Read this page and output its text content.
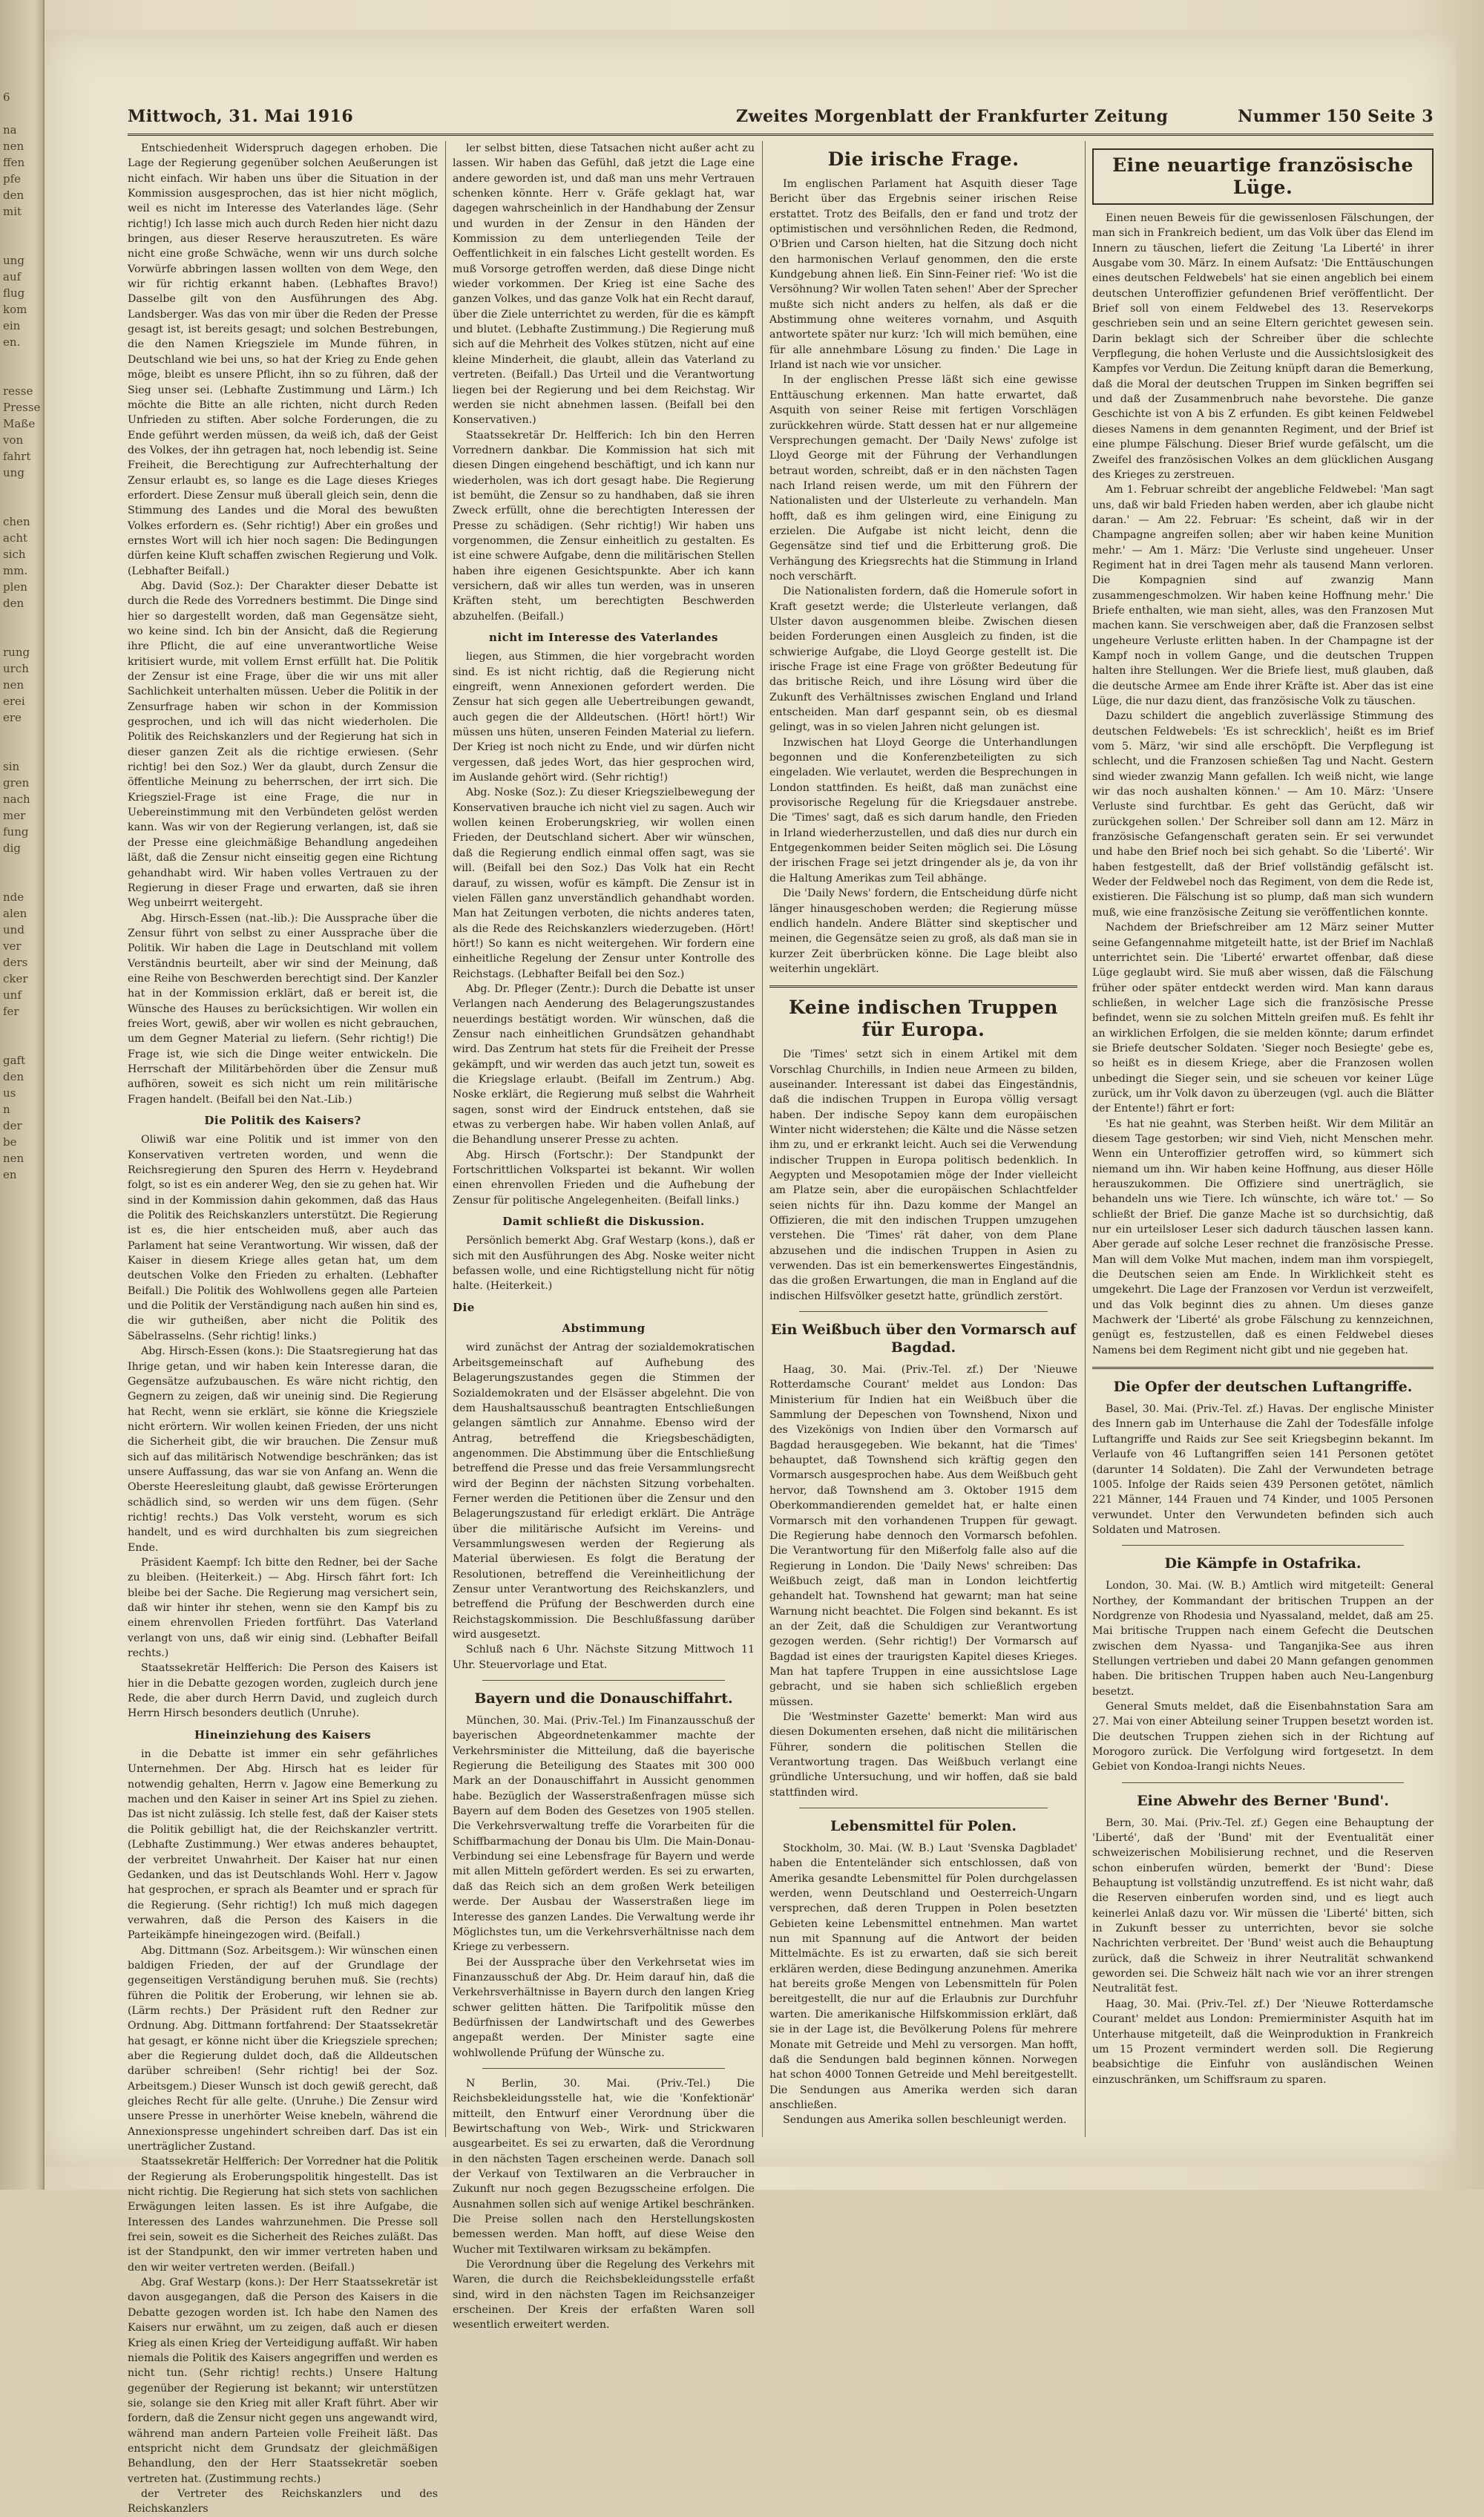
6

na
nen
ffen
pfe
den
mit

ung
auf
flug
kom
ein
en.

resse
Presse
Maße
von
fahrt
ung

chen
acht
sich
mm.
plen
den

rung
urch
nen
erei
ere

sin
gren
nach
mer
fung
dig

nde
alen
und
ver
ders
cker
unf
fer

gaft
den
us
n
der
be
nen
en
Mittwoch, 31. Mai 1916	Zweites Morgenblatt der Frankfurter Zeitung	Nummer 150 Seite 3

Entschiedenheit Widerspruch dagegen erhoben. Die Lage der Regierung gegenüber solchen Aeußerungen ist nicht einfach. Wir haben uns über die Situation in der Kommission ausgesprochen, das ist hier nicht möglich, weil es nicht im Interesse des Vaterlandes läge. (Sehr richtig!) Ich lasse mich auch durch Reden hier nicht dazu bringen, aus dieser Reserve herauszutreten. Es wäre nicht eine große Schwäche, wenn wir uns durch solche Vorwürfe abbringen lassen wollten von dem Wege, den wir für richtig erkannt haben. (Lebhaftes Bravo!) Dasselbe gilt von den Ausführungen des Abg. Landsberger. Was das von mir über die Reden der Presse gesagt ist, ist bereits gesagt; und solchen Bestrebungen, die den Namen Kriegsziele im Munde führen, in Deutschland wie bei uns, so hat der Krieg zu Ende gehen möge, bleibt es unsere Pflicht, ihn so zu führen, daß der Sieg unser sei. (Lebhafte Zustimmung und Lärm.) Ich möchte die Bitte an alle richten, nicht durch Reden Unfrieden zu stiften. Aber solche Forderungen, die zu Ende geführt werden müssen, da weiß ich, daß der Geist des Volkes, der ihn getragen hat, noch lebendig ist. Seine Freiheit, die Berechtigung zur Aufrechterhaltung der Zensur erlaubt es, so lange es die Lage dieses Krieges erfordert. Diese Zensur muß überall gleich sein, denn die Stimmung des Landes und die Moral des bewußten Volkes erfordern es. (Sehr richtig!) Aber ein großes und ernstes Wort will ich hier noch sagen: Die Bedingungen dürfen keine Kluft schaffen zwischen Regierung und Volk. (Lebhafter Beifall.)

Abg. David (Soz.): Der Charakter dieser Debatte ist durch die Rede des Vorredners bestimmt. Die Dinge sind hier so dargestellt worden, daß man Gegensätze sieht, wo keine sind. Ich bin der Ansicht, daß die Regierung ihre Pflicht, die auf eine unverantwortliche Weise kritisiert wurde, mit vollem Ernst erfüllt hat. Die Politik der Zensur ist eine Frage, über die wir uns mit aller Sachlichkeit unterhalten müssen. Ueber die Politik in der Zensurfrage haben wir schon in der Kommission gesprochen, und ich will das nicht wiederholen. Die Politik des Reichskanzlers und der Regierung hat sich in dieser ganzen Zeit als die richtige erwiesen. (Sehr richtig! bei den Soz.) Wer da glaubt, durch Zensur die öffentliche Meinung zu beherrschen, der irrt sich. Die Kriegsziel-Frage ist eine Frage, die nur in Uebereinstimmung mit den Verbündeten gelöst werden kann. Was wir von der Regierung verlangen, ist, daß sie der Presse eine gleichmäßige Behandlung angedeihen läßt, daß die Zensur nicht einseitig gegen eine Richtung gehandhabt wird. Wir haben volles Vertrauen zu der Regierung in dieser Frage und erwarten, daß sie ihren Weg unbeirrt weitergeht.

Abg. Hirsch-Essen (nat.-lib.): Die Aussprache über die Zensur führt von selbst zu einer Aussprache über die Politik. Wir haben die Lage in Deutschland mit vollem Verständnis beurteilt, aber wir sind der Meinung, daß eine Reihe von Beschwerden berechtigt sind. Der Kanzler hat in der Kommission erklärt, daß er bereit ist, die Wünsche des Hauses zu berücksichtigen. Wir wollen ein freies Wort, gewiß, aber wir wollen es nicht gebrauchen, um dem Gegner Material zu liefern. (Sehr richtig!) Die Frage ist, wie sich die Dinge weiter entwickeln. Die Herrschaft der Militärbehörden über die Zensur muß aufhören, soweit es sich nicht um rein militärische Fragen handelt. (Beifall bei den Nat.-Lib.)

Die Politik des Kaisers?

Oliwiß war eine Politik und ist immer von den Konservativen vertreten worden, und wenn die Reichsregierung den Spuren des Herrn v. Heydebrand folgt, so ist es ein anderer Weg, den sie zu gehen hat. Wir sind in der Kommission dahin gekommen, daß das Haus die Politik des Reichskanzlers unterstützt. Die Regierung ist es, die hier entscheiden muß, aber auch das Parlament hat seine Verantwortung. Wir wissen, daß der Kaiser in diesem Kriege alles getan hat, um dem deutschen Volke den Frieden zu erhalten. (Lebhafter Beifall.) Die Politik des Wohlwollens gegen alle Parteien und die Politik der Verständigung nach außen hin sind es, die wir gutheißen, aber nicht die Politik des Säbelrasselns. (Sehr richtig! links.)

Abg. Hirsch-Essen (kons.): Die Staatsregierung hat das Ihrige getan, und wir haben kein Interesse daran, die Gegensätze aufzubauschen. Es wäre nicht richtig, den Gegnern zu zeigen, daß wir uneinig sind. Die Regierung hat Recht, wenn sie erklärt, sie könne die Kriegsziele nicht erörtern. Wir wollen keinen Frieden, der uns nicht die Sicherheit gibt, die wir brauchen. Die Zensur muß sich auf das militärisch Notwendige beschränken; das ist unsere Auffassung, das war sie von Anfang an. Wenn die Oberste Heeresleitung glaubt, daß gewisse Erörterungen schädlich sind, so werden wir uns dem fügen. (Sehr richtig! rechts.) Das Volk versteht, worum es sich handelt, und es wird durchhalten bis zum siegreichen Ende.

Präsident Kaempf: Ich bitte den Redner, bei der Sache zu bleiben. (Heiterkeit.) — Abg. Hirsch fährt fort: Ich bleibe bei der Sache. Die Regierung mag versichert sein, daß wir hinter ihr stehen, wenn sie den Kampf bis zu einem ehrenvollen Frieden fortführt. Das Vaterland verlangt von uns, daß wir einig sind. (Lebhafter Beifall rechts.)

Staatssekretär Helfferich: Die Person des Kaisers ist hier in die Debatte gezogen worden, zugleich durch jene Rede, die aber durch Herrn David, und zugleich durch Herrn Hirsch besonders deutlich (Unruhe).

Hineinziehung des Kaisers

in die Debatte ist immer ein sehr gefährliches Unternehmen. Der Abg. Hirsch hat es leider für notwendig gehalten, Herrn v. Jagow eine Bemerkung zu machen und den Kaiser in seiner Art ins Spiel zu ziehen. Das ist nicht zulässig. Ich stelle fest, daß der Kaiser stets die Politik gebilligt hat, die der Reichskanzler vertritt. (Lebhafte Zustimmung.) Wer etwas anderes behauptet, der verbreitet Unwahrheit. Der Kaiser hat nur einen Gedanken, und das ist Deutschlands Wohl. Herr v. Jagow hat gesprochen, er sprach als Beamter und er sprach für die Regierung. (Sehr richtig!) Ich muß mich dagegen verwahren, daß die Person des Kaisers in die Parteikämpfe hineingezogen wird. (Beifall.)

Abg. Dittmann (Soz. Arbeitsgem.): Wir wünschen einen baldigen Frieden, der auf der Grundlage der gegenseitigen Verständigung beruhen muß. Sie (rechts) führen die Politik der Eroberung, wir lehnen sie ab. (Lärm rechts.) Der Präsident ruft den Redner zur Ordnung. Abg. Dittmann fortfahrend: Der Staatssekretär hat gesagt, er könne nicht über die Kriegsziele sprechen; aber die Regierung duldet doch, daß die Alldeutschen darüber schreiben! (Sehr richtig! bei der Soz. Arbeitsgem.) Dieser Wunsch ist doch gewiß gerecht, daß gleiches Recht für alle gelte. (Unruhe.) Die Zensur wird unsere Presse in unerhörter Weise knebeln, während die Annexionspresse ungehindert schreiben darf. Das ist ein unerträglicher Zustand.

Staatssekretär Helfferich: Der Vorredner hat die Politik der Regierung als Eroberungspolitik hingestellt. Das ist nicht richtig. Die Regierung hat sich stets von sachlichen Erwägungen leiten lassen. Es ist ihre Aufgabe, die Interessen des Landes wahrzunehmen. Die Presse soll frei sein, soweit es die Sicherheit des Reiches zuläßt. Das ist der Standpunkt, den wir immer vertreten haben und den wir weiter vertreten werden. (Beifall.)

Abg. Graf Westarp (kons.): Der Herr Staatssekretär ist davon ausgegangen, daß die Person des Kaisers in die Debatte gezogen worden ist. Ich habe den Namen des Kaisers nur erwähnt, um zu zeigen, daß auch er diesen Krieg als einen Krieg der Verteidigung auffaßt. Wir haben niemals die Politik des Kaisers angegriffen und werden es nicht tun. (Sehr richtig! rechts.) Unsere Haltung gegenüber der Regierung ist bekannt; wir unterstützen sie, solange sie den Krieg mit aller Kraft führt. Aber wir fordern, daß die Zensur nicht gegen uns angewandt wird, während man andern Parteien volle Freiheit läßt. Das entspricht nicht dem Grundsatz der gleichmäßigen Behandlung, den der Herr Staatssekretär soeben vertreten hat. (Zustimmung rechts.)

der Vertreter des Reichskanzlers und des Reichskanzlers

ler selbst bitten, diese Tatsachen nicht außer acht zu lassen. Wir haben das Gefühl, daß jetzt die Lage eine andere geworden ist, und daß man uns mehr Vertrauen schenken könnte. Herr v. Gräfe geklagt hat, war dagegen wahrscheinlich in der Handhabung der Zensur und wurden in der Zensur in den Händen der Kommission zu dem unterliegenden Teile der Oeffentlichkeit in ein falsches Licht gestellt worden. Es muß Vorsorge getroffen werden, daß diese Dinge nicht wieder vorkommen. Der Krieg ist eine Sache des ganzen Volkes, und das ganze Volk hat ein Recht darauf, über die Ziele unterrichtet zu werden, für die es kämpft und blutet. (Lebhafte Zustimmung.) Die Regierung muß sich auf die Mehrheit des Volkes stützen, nicht auf eine kleine Minderheit, die glaubt, allein das Vaterland zu vertreten. (Beifall.) Das Urteil und die Verantwortung liegen bei der Regierung und bei dem Reichstag. Wir werden sie nicht abnehmen lassen. (Beifall bei den Konservativen.)

Staatssekretär Dr. Helfferich: Ich bin den Herren Vorrednern dankbar. Die Kommission hat sich mit diesen Dingen eingehend beschäftigt, und ich kann nur wiederholen, was ich dort gesagt habe. Die Regierung ist bemüht, die Zensur so zu handhaben, daß sie ihren Zweck erfüllt, ohne die berechtigten Interessen der Presse zu schädigen. (Sehr richtig!) Wir haben uns vorgenommen, die Zensur einheitlich zu gestalten. Es ist eine schwere Aufgabe, denn die militärischen Stellen haben ihre eigenen Gesichtspunkte. Aber ich kann versichern, daß wir alles tun werden, was in unseren Kräften steht, um berechtigten Beschwerden abzuhelfen. (Beifall.)

nicht im Interesse des Vaterlandes

liegen, aus Stimmen, die hier vorgebracht worden sind. Es ist nicht richtig, daß die Regierung nicht eingreift, wenn Annexionen gefordert werden. Die Zensur hat sich gegen alle Uebertreibungen gewandt, auch gegen die der Alldeutschen. (Hört! hört!) Wir müssen uns hüten, unseren Feinden Material zu liefern. Der Krieg ist noch nicht zu Ende, und wir dürfen nicht vergessen, daß jedes Wort, das hier gesprochen wird, im Auslande gehört wird. (Sehr richtig!)

Abg. Noske (Soz.): Zu dieser Kriegszielbewegung der Konservativen brauche ich nicht viel zu sagen. Auch wir wollen keinen Eroberungskrieg, wir wollen einen Frieden, der Deutschland sichert. Aber wir wünschen, daß die Regierung endlich einmal offen sagt, was sie will. (Beifall bei den Soz.) Das Volk hat ein Recht darauf, zu wissen, wofür es kämpft. Die Zensur ist in vielen Fällen ganz unverständlich gehandhabt worden. Man hat Zeitungen verboten, die nichts anderes taten, als die Rede des Reichskanzlers wiederzugeben. (Hört! hört!) So kann es nicht weitergehen. Wir fordern eine einheitliche Regelung der Zensur unter Kontrolle des Reichstags. (Lebhafter Beifall bei den Soz.)

Abg. Dr. Pfleger (Zentr.): Durch die Debatte ist unser Verlangen nach Aenderung des Belagerungszustandes neuerdings bestätigt worden. Wir wünschen, daß die Zensur nach einheitlichen Grundsätzen gehandhabt wird. Das Zentrum hat stets für die Freiheit der Presse gekämpft, und wir werden das auch jetzt tun, soweit es die Kriegslage erlaubt. (Beifall im Zentrum.) Abg. Noske erklärt, die Regierung muß selbst die Wahrheit sagen, sonst wird der Eindruck entstehen, daß sie etwas zu verbergen habe. Wir haben vollen Anlaß, auf die Behandlung unserer Presse zu achten.

Abg. Hirsch (Fortschr.): Der Standpunkt der Fortschrittlichen Volkspartei ist bekannt. Wir wollen einen ehrenvollen Frieden und die Aufhebung der Zensur für politische Angelegenheiten. (Beifall links.)

Damit schließt die Diskussion.

Persönlich bemerkt Abg. Graf Westarp (kons.), daß er sich mit den Ausführungen des Abg. Noske weiter nicht befassen wolle, und eine Richtigstellung nicht für nötig halte. (Heiterkeit.)

Die
Abstimmung

wird zunächst der Antrag der sozialdemokratischen Arbeitsgemeinschaft auf Aufhebung des Belagerungszustandes gegen die Stimmen der Sozialdemokraten und der Elsässer abgelehnt. Die von dem Haushaltsausschuß beantragten Entschließungen gelangen sämtlich zur Annahme. Ebenso wird der Antrag, betreffend die Kriegsbeschädigten, angenommen. Die Abstimmung über die Entschließung betreffend die Presse und das freie Versammlungsrecht wird der Beginn der nächsten Sitzung vorbehalten. Ferner werden die Petitionen über die Zensur und den Belagerungszustand für erledigt erklärt. Die Anträge über die militärische Aufsicht im Vereins- und Versammlungswesen werden der Regierung als Material überwiesen. Es folgt die Beratung der Resolutionen, betreffend die Vereinheitlichung der Zensur unter Verantwortung des Reichskanzlers, und betreffend die Prüfung der Beschwerden durch eine Reichstagskommission. Die Beschlußfassung darüber wird ausgesetzt.

Schluß nach 6 Uhr. Nächste Sitzung Mittwoch 11 Uhr. Steuervorlage und Etat.

Bayern und die Donauschiffahrt.

München, 30. Mai. (Priv.-Tel.) Im Finanzausschuß der bayerischen Abgeordnetenkammer machte der Verkehrsminister die Mitteilung, daß die bayerische Regierung die Beteiligung des Staates mit 300 000 Mark an der Donauschiffahrt in Aussicht genommen habe. Bezüglich der Wasserstraßenfragen müsse sich Bayern auf dem Boden des Gesetzes von 1905 stellen. Die Verkehrsverwaltung treffe die Vorarbeiten für die Schiffbarmachung der Donau bis Ulm. Die Main-Donau-Verbindung sei eine Lebensfrage für Bayern und werde mit allen Mitteln gefördert werden. Es sei zu erwarten, daß das Reich sich an dem großen Werk beteiligen werde. Der Ausbau der Wasserstraßen liege im Interesse des ganzen Landes. Die Verwaltung werde ihr Möglichstes tun, um die Verkehrsverhältnisse nach dem Kriege zu verbessern.

Bei der Aussprache über den Verkehrsetat wies im Finanzausschuß der Abg. Dr. Heim darauf hin, daß die Verkehrsverhältnisse in Bayern durch den langen Krieg schwer gelitten hätten. Die Tarifpolitik müsse den Bedürfnissen der Landwirtschaft und des Gewerbes angepaßt werden. Der Minister sagte eine wohlwollende Prüfung der Wünsche zu.

N Berlin, 30. Mai. (Priv.-Tel.) Die Reichsbekleidungsstelle hat, wie die 'Konfektionär' mitteilt, den Entwurf einer Verordnung über die Bewirtschaftung von Web-, Wirk- und Strickwaren ausgearbeitet. Es sei zu erwarten, daß die Verordnung in den nächsten Tagen erscheinen werde. Danach soll der Verkauf von Textilwaren an die Verbraucher in Zukunft nur noch gegen Bezugsscheine erfolgen. Die Ausnahmen sollen sich auf wenige Artikel beschränken. Die Preise sollen nach den Herstellungskosten bemessen werden. Man hofft, auf diese Weise den Wucher mit Textilwaren wirksam zu bekämpfen.

Die Verordnung über die Regelung des Verkehrs mit Waren, die durch die Reichsbekleidungsstelle erfaßt sind, wird in den nächsten Tagen im Reichsanzeiger erscheinen. Der Kreis der erfaßten Waren soll wesentlich erweitert werden.

Die irische Frage.

Im englischen Parlament hat Asquith dieser Tage Bericht über das Ergebnis seiner irischen Reise erstattet. Trotz des Beifalls, den er fand und trotz der optimistischen und versöhnlichen Reden, die Redmond, O'Brien und Carson hielten, hat die Sitzung doch nicht den harmonischen Verlauf genommen, den die erste Kundgebung ahnen ließ. Ein Sinn-Feiner rief: 'Wo ist die Versöhnung? Wir wollen Taten sehen!' Aber der Sprecher mußte sich nicht anders zu helfen, als daß er die Abstimmung ohne weiteres vornahm, und Asquith antwortete später nur kurz: 'Ich will mich bemühen, eine für alle annehmbare Lösung zu finden.' Die Lage in Irland ist nach wie vor unsicher.

In der englischen Presse läßt sich eine gewisse Enttäuschung erkennen. Man hatte erwartet, daß Asquith von seiner Reise mit fertigen Vorschlägen zurückkehren würde. Statt dessen hat er nur allgemeine Versprechungen gemacht. Der 'Daily News' zufolge ist Lloyd George mit der Führung der Verhandlungen betraut worden, schreibt, daß er in den nächsten Tagen nach Irland reisen werde, um mit den Führern der Nationalisten und der Ulsterleute zu verhandeln. Man hofft, daß es ihm gelingen wird, eine Einigung zu erzielen. Die Aufgabe ist nicht leicht, denn die Gegensätze sind tief und die Erbitterung groß. Die Verhängung des Kriegsrechts hat die Stimmung in Irland noch verschärft.

Die Nationalisten fordern, daß die Homerule sofort in Kraft gesetzt werde; die Ulsterleute verlangen, daß Ulster davon ausgenommen bleibe. Zwischen diesen beiden Forderungen einen Ausgleich zu finden, ist die schwierige Aufgabe, die Lloyd George gestellt ist. Die irische Frage ist eine Frage von größter Bedeutung für das britische Reich, und ihre Lösung wird über die Zukunft des Verhältnisses zwischen England und Irland entscheiden. Man darf gespannt sein, ob es diesmal gelingt, was in so vielen Jahren nicht gelungen ist.

Inzwischen hat Lloyd George die Unterhandlungen begonnen und die Konferenzbeteiligten zu sich eingeladen. Wie verlautet, werden die Besprechungen in London stattfinden. Es heißt, daß man zunächst eine provisorische Regelung für die Kriegsdauer anstrebe. Die 'Times' sagt, daß es sich darum handle, den Frieden in Irland wiederherzustellen, und daß dies nur durch ein Entgegenkommen beider Seiten möglich sei. Die Lösung der irischen Frage sei jetzt dringender als je, da von ihr die Haltung Amerikas zum Teil abhänge.

Die 'Daily News' fordern, die Entscheidung dürfe nicht länger hinausgeschoben werden; die Regierung müsse endlich handeln. Andere Blätter sind skeptischer und meinen, die Gegensätze seien zu groß, als daß man sie in kurzer Zeit überbrücken könne. Die Lage bleibt also weiterhin ungeklärt.

Keine indischen Truppen für Europa.

Die 'Times' setzt sich in einem Artikel mit dem Vorschlag Churchills, in Indien neue Armeen zu bilden, auseinander. Interessant ist dabei das Eingeständnis, daß die indischen Truppen in Europa völlig versagt haben. Der indische Sepoy kann dem europäischen Winter nicht widerstehen; die Kälte und die Nässe setzen ihm zu, und er erkrankt leicht. Auch sei die Verwendung indischer Truppen in Europa politisch bedenklich. In Aegypten und Mesopotamien möge der Inder vielleicht am Platze sein, aber die europäischen Schlachtfelder seien nichts für ihn. Dazu komme der Mangel an Offizieren, die mit den indischen Truppen umzugehen verstehen. Die 'Times' rät daher, von dem Plane abzusehen und die indischen Truppen in Asien zu verwenden. Das ist ein bemerkenswertes Eingeständnis, das die großen Erwartungen, die man in England auf die indischen Hilfsvölker gesetzt hatte, gründlich zerstört.

Ein Weißbuch über den Vormarsch auf Bagdad.

Haag, 30. Mai. (Priv.-Tel. zf.) Der 'Nieuwe Rotterdamsche Courant' meldet aus London: Das Ministerium für Indien hat ein Weißbuch über die Sammlung der Depeschen von Townshend, Nixon und des Vizekönigs von Indien über den Vormarsch auf Bagdad herausgegeben. Wie bekannt, hat die 'Times' behauptet, daß Townshend sich kräftig gegen den Vormarsch ausgesprochen habe. Aus dem Weißbuch geht hervor, daß Townshend am 3. Oktober 1915 dem Oberkommandierenden gemeldet hat, er halte einen Vormarsch mit den vorhandenen Truppen für gewagt. Die Regierung habe dennoch den Vormarsch befohlen. Die Verantwortung für den Mißerfolg falle also auf die Regierung in London. Die 'Daily News' schreiben: Das Weißbuch zeigt, daß man in London leichtfertig gehandelt hat. Townshend hat gewarnt; man hat seine Warnung nicht beachtet. Die Folgen sind bekannt. Es ist an der Zeit, daß die Schuldigen zur Verantwortung gezogen werden. (Sehr richtig!) Der Vormarsch auf Bagdad ist eines der traurigsten Kapitel dieses Krieges. Man hat tapfere Truppen in eine aussichtslose Lage gebracht, und sie haben sich schließlich ergeben müssen.

Die 'Westminster Gazette' bemerkt: Man wird aus diesen Dokumenten ersehen, daß nicht die militärischen Führer, sondern die politischen Stellen die Verantwortung tragen. Das Weißbuch verlangt eine gründliche Untersuchung, und wir hoffen, daß sie bald stattfinden wird.

Lebensmittel für Polen.

Stockholm, 30. Mai. (W. B.) Laut 'Svenska Dagbladet' haben die Ententeländer sich entschlossen, daß von Amerika gesandte Lebensmittel für Polen durchgelassen werden, wenn Deutschland und Oesterreich-Ungarn versprechen, daß deren Truppen in Polen besetzten Gebieten keine Lebensmittel entnehmen. Man wartet nun mit Spannung auf die Antwort der beiden Mittelmächte. Es ist zu erwarten, daß sie sich bereit erklären werden, diese Bedingung anzunehmen. Amerika hat bereits große Mengen von Lebensmitteln für Polen bereitgestellt, die nur auf die Erlaubnis zur Durchfuhr warten. Die amerikanische Hilfskommission erklärt, daß sie in der Lage ist, die Bevölkerung Polens für mehrere Monate mit Getreide und Mehl zu versorgen. Man hofft, daß die Sendungen bald beginnen können. Norwegen hat schon 4000 Tonnen Getreide und Mehl bereitgestellt. Die Sendungen aus Amerika werden sich daran anschließen.

Sendungen aus Amerika sollen beschleunigt werden.

Eine neuartige französische Lüge.

Einen neuen Beweis für die gewissenlosen Fälschungen, der man sich in Frankreich bedient, um das Volk über das Elend im Innern zu täuschen, liefert die Zeitung 'La Liberté' in ihrer Ausgabe vom 30. März. In einem Aufsatz: 'Die Enttäuschungen eines deutschen Feldwebels' hat sie einen angeblich bei einem deutschen Unteroffizier gefundenen Brief veröffentlicht. Der Brief soll von einem Feldwebel des 13. Reservekorps geschrieben sein und an seine Eltern gerichtet gewesen sein. Darin beklagt sich der Schreiber über die schlechte Verpflegung, die hohen Verluste und die Aussichtslosigkeit des Kampfes vor Verdun. Die Zeitung knüpft daran die Bemerkung, daß die Moral der deutschen Truppen im Sinken begriffen sei und daß der Zusammenbruch nahe bevorstehe. Die ganze Geschichte ist von A bis Z erfunden. Es gibt keinen Feldwebel dieses Namens in dem genannten Regiment, und der Brief ist eine plumpe Fälschung. Dieser Brief wurde gefälscht, um die Zweifel des französischen Volkes an dem glücklichen Ausgang des Krieges zu zerstreuen.

Am 1. Februar schreibt der angebliche Feldwebel: 'Man sagt uns, daß wir bald Frieden haben werden, aber ich glaube nicht daran.' — Am 22. Februar: 'Es scheint, daß wir in der Champagne angreifen sollen; aber wir haben keine Munition mehr.' — Am 1. März: 'Die Verluste sind ungeheuer. Unser Regiment hat in drei Tagen mehr als tausend Mann verloren. Die Kompagnien sind auf zwanzig Mann zusammengeschmolzen. Wir haben keine Hoffnung mehr.' Die Briefe enthalten, wie man sieht, alles, was den Franzosen Mut machen kann. Sie verschweigen aber, daß die Franzosen selbst ungeheure Verluste erlitten haben. In der Champagne ist der Kampf noch in vollem Gange, und die deutschen Truppen halten ihre Stellungen. Wer die Briefe liest, muß glauben, daß die deutsche Armee am Ende ihrer Kräfte ist. Aber das ist eine Lüge, die nur dazu dient, das französische Volk zu täuschen.

Dazu schildert die angeblich zuverlässige Stimmung des deutschen Feldwebels: 'Es ist schrecklich', heißt es im Brief vom 5. März, 'wir sind alle erschöpft. Die Verpflegung ist schlecht, und die Franzosen schießen Tag und Nacht. Gestern sind wieder zwanzig Mann gefallen. Ich weiß nicht, wie lange wir das noch aushalten können.' — Am 10. März: 'Unsere Verluste sind furchtbar. Es geht das Gerücht, daß wir zurückgehen sollen.' Der Schreiber soll dann am 12. März in französische Gefangenschaft geraten sein. Er sei verwundet und habe den Brief noch bei sich gehabt. So die 'Liberté'. Wir haben festgestellt, daß der Brief vollständig gefälscht ist. Weder der Feldwebel noch das Regiment, von dem die Rede ist, existieren. Die Fälschung ist so plump, daß man sich wundern muß, wie eine französische Zeitung sie veröffentlichen konnte.

Nachdem der Briefschreiber am 12 März seiner Mutter seine Gefangennahme mitgeteilt hatte, ist der Brief im Nachlaß unterrichtet sein. Die 'Liberté' erwartet offenbar, daß diese Lüge geglaubt wird. Sie muß aber wissen, daß die Fälschung früher oder später entdeckt werden wird. Man kann daraus schließen, in welcher Lage sich die französische Presse befindet, wenn sie zu solchen Mitteln greifen muß. Es fehlt ihr an wirklichen Erfolgen, die sie melden könnte; darum erfindet sie Briefe deutscher Soldaten. 'Sieger noch Besiegte' gebe es, so heißt es in diesem Kriege, aber die Franzosen wollen unbedingt die Sieger sein, und sie scheuen vor keiner Lüge zurück, um ihr Volk davon zu überzeugen (vgl. auch die Blätter der Entente!) fährt er fort:

'Es hat nie geahnt, was Sterben heißt. Wir dem Militär an diesem Tage gestorben; wir sind Vieh, nicht Menschen mehr. Wenn ein Unteroffizier getroffen wird, so kümmert sich niemand um ihn. Wir haben keine Hoffnung, aus dieser Hölle herauszukommen. Die Offiziere sind unerträglich, sie behandeln uns wie Tiere. Ich wünschte, ich wäre tot.' — So schließt der Brief. Die ganze Mache ist so durchsichtig, daß nur ein urteilsloser Leser sich dadurch täuschen lassen kann. Aber gerade auf solche Leser rechnet die französische Presse. Man will dem Volke Mut machen, indem man ihm vorspiegelt, die Deutschen seien am Ende. In Wirklichkeit steht es umgekehrt. Die Lage der Franzosen vor Verdun ist verzweifelt, und das Volk beginnt dies zu ahnen. Um dieses ganze Machwerk der 'Liberté' als grobe Fälschung zu kennzeichnen, genügt es, festzustellen, daß es einen Feldwebel dieses Namens bei dem Regiment nicht gibt und nie gegeben hat.

Die Opfer der deutschen Luftangriffe.

Basel, 30. Mai. (Priv.-Tel. zf.) Havas. Der englische Minister des Innern gab im Unterhause die Zahl der Todesfälle infolge Luftangriffe und Raids zur See seit Kriegsbeginn bekannt. Im Verlaufe von 46 Luftangriffen seien 141 Personen getötet (darunter 14 Soldaten). Die Zahl der Verwundeten betrage 1005. Infolge der Raids seien 439 Personen getötet, nämlich 221 Männer, 144 Frauen und 74 Kinder, und 1005 Personen verwundet. Unter den Verwundeten befinden sich auch Soldaten und Matrosen.

Die Kämpfe in Ostafrika.

London, 30. Mai. (W. B.) Amtlich wird mitgeteilt: General Northey, der Kommandant der britischen Truppen an der Nordgrenze von Rhodesia und Nyassaland, meldet, daß am 25. Mai britische Truppen nach einem Gefecht die Deutschen zwischen dem Nyassa- und Tanganjika-See aus ihren Stellungen vertrieben und dabei 20 Mann gefangen genommen haben. Die britischen Truppen haben auch Neu-Langenburg besetzt.

General Smuts meldet, daß die Eisenbahnstation Sara am 27. Mai von einer Abteilung seiner Truppen besetzt worden ist. Die deutschen Truppen ziehen sich in der Richtung auf Morogoro zurück. Die Verfolgung wird fortgesetzt. In dem Gebiet von Kondoa-Irangi nichts Neues.

Eine Abwehr des Berner 'Bund'.

Bern, 30. Mai. (Priv.-Tel. zf.) Gegen eine Behauptung der 'Liberté', daß der 'Bund' mit der Eventualität einer schweizerischen Mobilisierung rechnet, und die Reserven schon einberufen würden, bemerkt der 'Bund': Diese Behauptung ist vollständig unzutreffend. Es ist nicht wahr, daß die Reserven einberufen worden sind, und es liegt auch keinerlei Anlaß dazu vor. Wir müssen die 'Liberté' bitten, sich in Zukunft besser zu unterrichten, bevor sie solche Nachrichten verbreitet. Der 'Bund' weist auch die Behauptung zurück, daß die Schweiz in ihrer Neutralität schwankend geworden sei. Die Schweiz hält nach wie vor an ihrer strengen Neutralität fest.

Haag, 30. Mai. (Priv.-Tel. zf.) Der 'Nieuwe Rotterdamsche Courant' meldet aus London: Premierminister Asquith hat im Unterhause mitgeteilt, daß die Weinproduktion in Frankreich um 15 Prozent vermindert werden soll. Die Regierung beabsichtige die Einfuhr von ausländischen Weinen einzuschränken, um Schiffsraum zu sparen.
